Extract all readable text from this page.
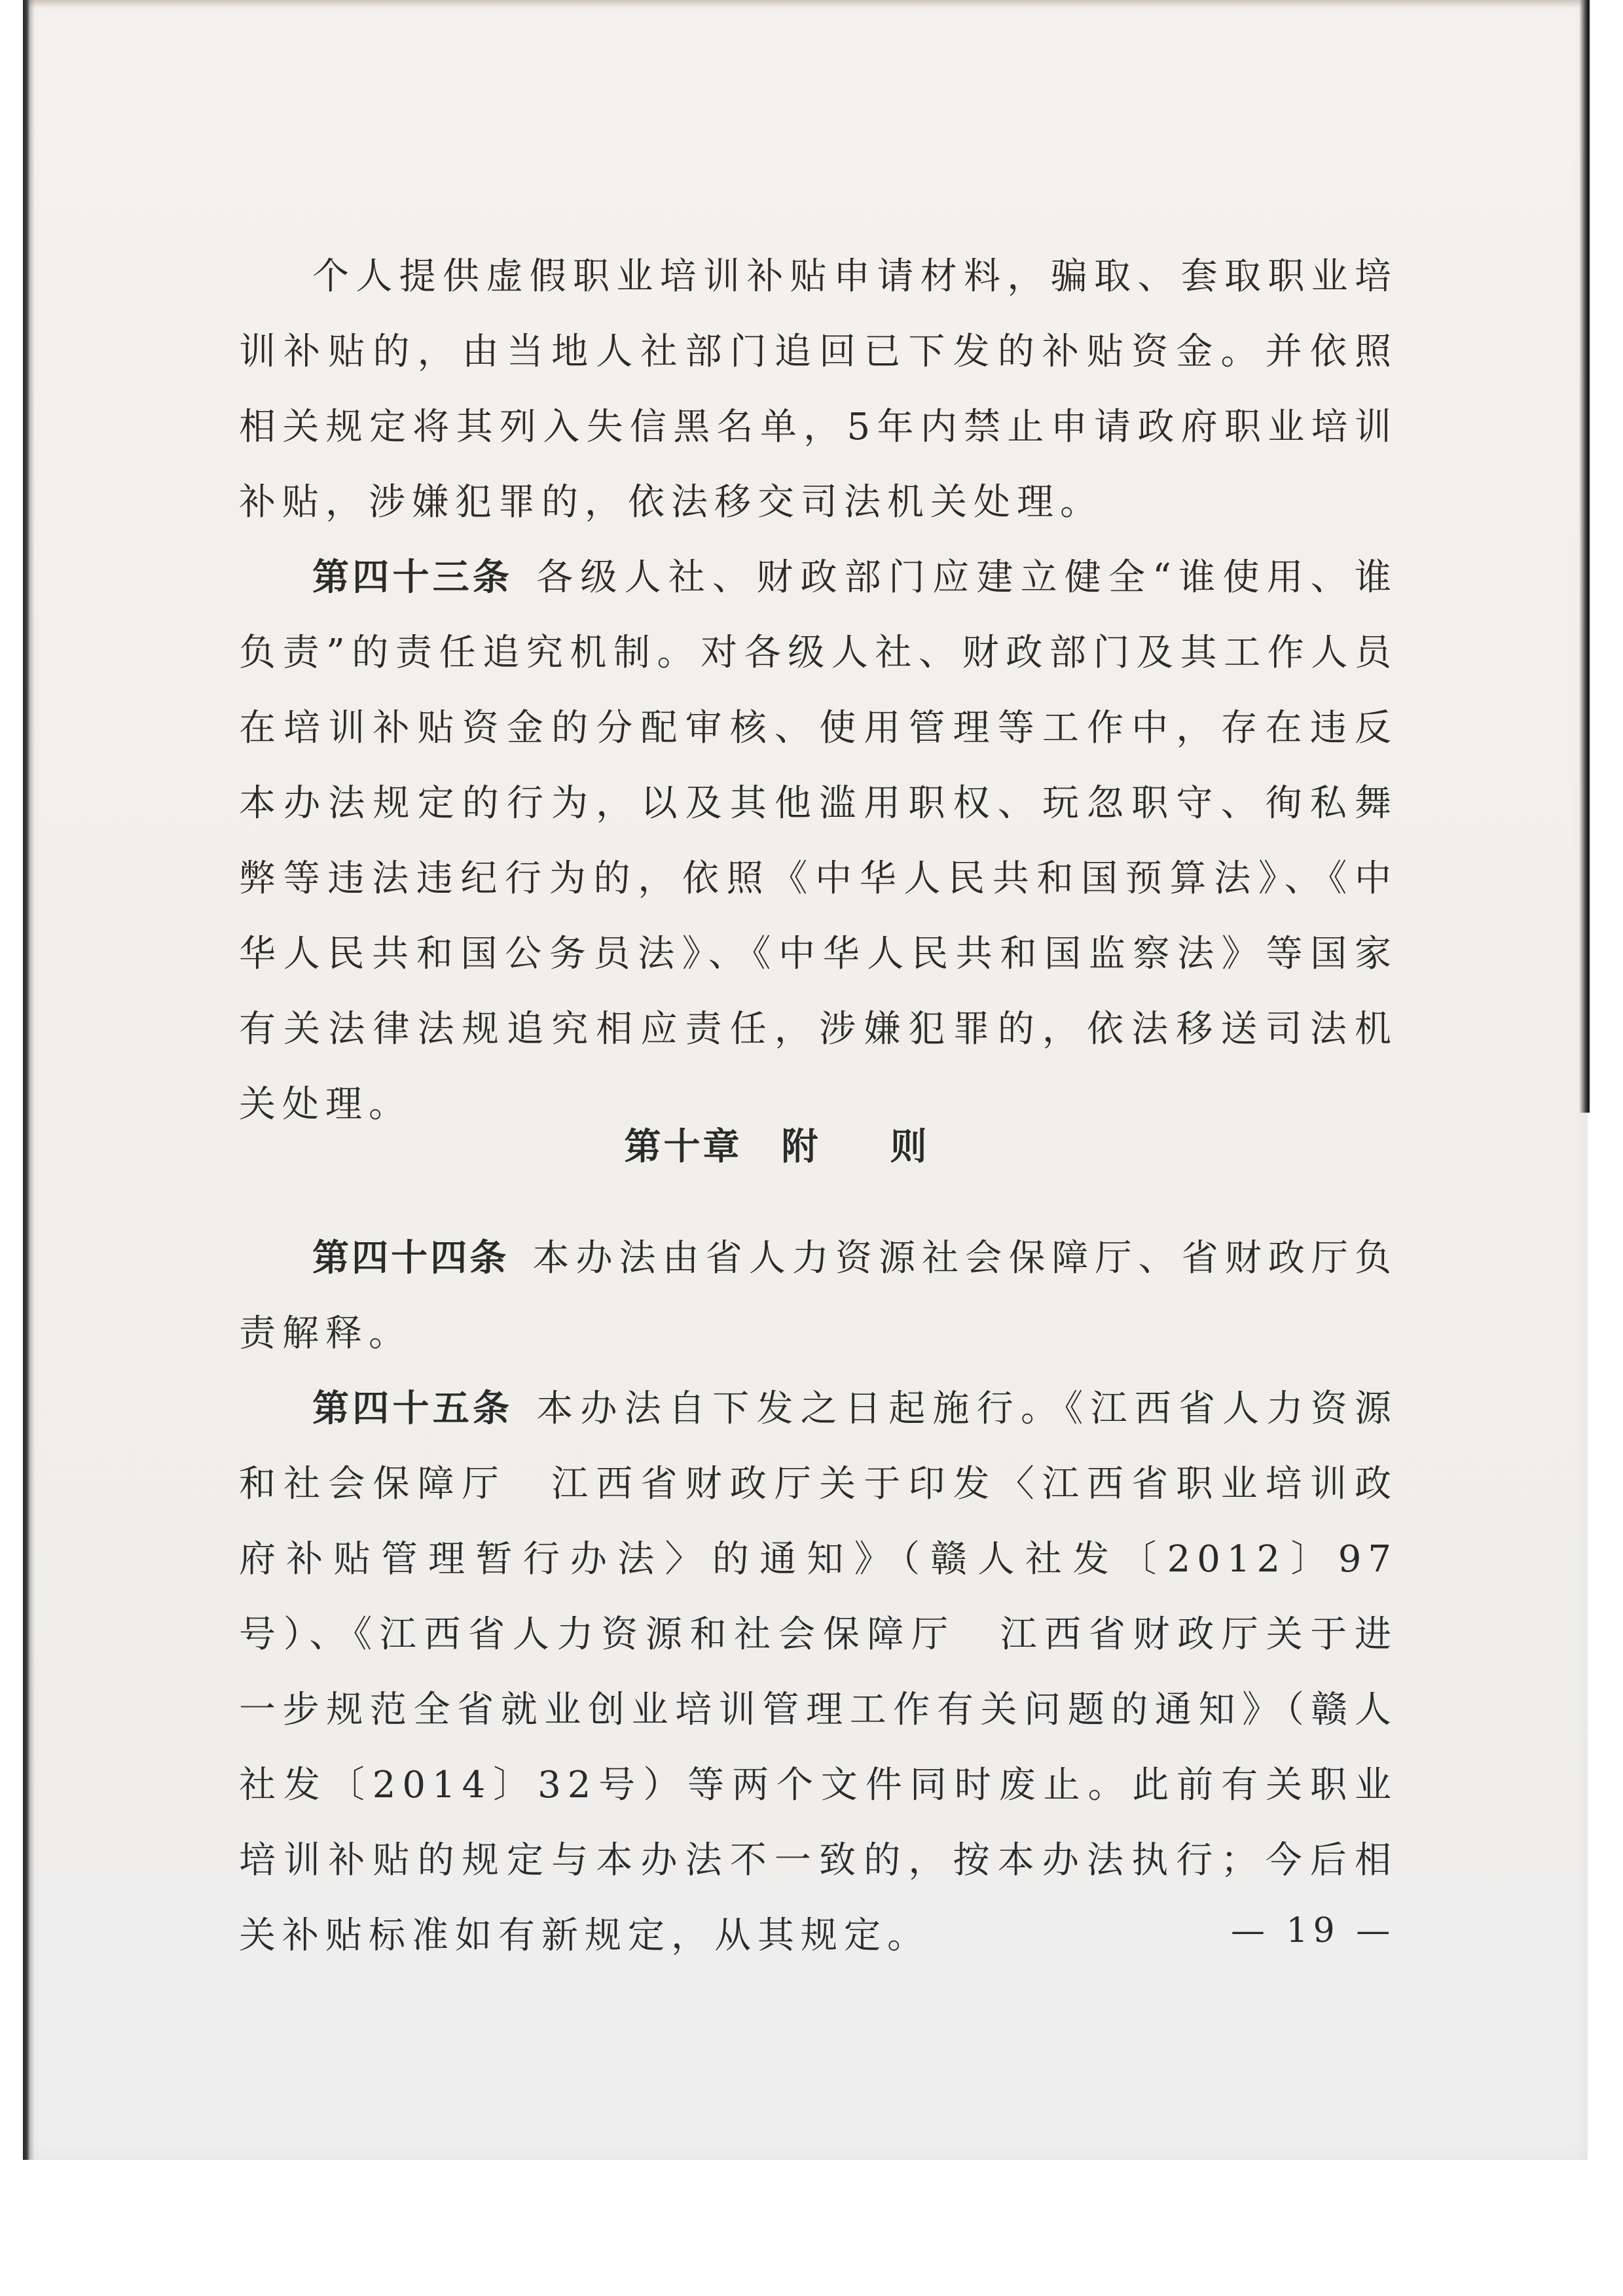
个人提供虚假职业培训补贴申请材料，骗取、套取职业培训补贴的，由当地人社部门追回已下发的补贴资金。并依照相关规定将其列入失信黑名单，5年内禁止申请政府职业培训补贴，涉嫌犯罪的，依法移交司法机关处理。

第四十三条 各级人社、财政部门应建立健全“谁使用、谁负责”的责任追究机制。对各级人社、财政部门及其工作人员在培训补贴资金的分配审核、使用管理等工作中，存在违反本办法规定的行为，以及其他滥用职权、玩忽职守、徇私舞弊等违法违纪行为的，依照《中华人民共和国预算法》、《中华人民共和国公务员法》、《中华人民共和国监察法》等国家有关法律法规追究相应责任，涉嫌犯罪的，依法移送司法机关处理。

第十章 附则

第四十四条 本办法由省人力资源社会保障厅、省财政厅负责解释。

第四十五条 本办法自下发之日起施行。《江西省人力资源和社会保障厅　江西省财政厅关于印发〈江西省职业培训政府补贴管理暂行办法〉的通知》（赣人社发〔2012〕97号）、《江西省人力资源和社会保障厅　江西省财政厅关于进一步规范全省就业创业培训管理工作有关问题的通知》（赣人社发〔2014〕32号）等两个文件同时废止。此前有关职业培训补贴的规定与本办法不一致的，按本办法执行；今后相关补贴标准如有新规定，从其规定。	— 19 —
